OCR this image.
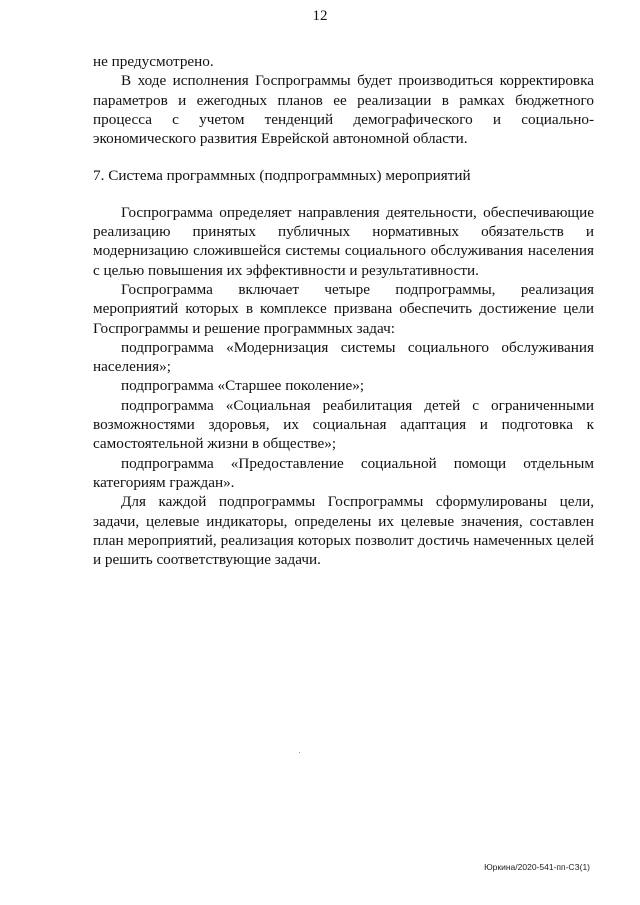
12

не предусмотрено.

В ходе исполнения Госпрограммы будет производиться корректировка параметров и ежегодных планов ее реализации в рамках бюджетного процесса с учетом тенденций демографического и социально-экономического развития Еврейской автономной области.

7. Система программных (подпрограммных) мероприятий

Госпрограмма определяет направления деятельности, обеспечивающие реализацию принятых публичных нормативных обязательств и модернизацию сложившейся системы социального обслуживания населения с целью повышения их эффективности и результативности.

Госпрограмма включает четыре подпрограммы, реализация мероприятий которых в комплексе призвана обеспечить достижение цели Госпрограммы и решение программных задач:

подпрограмма «Модернизация системы социального обслуживания населения»;

подпрограмма «Старшее поколение»;

подпрограмма «Социальная реабилитация детей с ограниченными возможностями здоровья, их социальная адаптация и подготовка к самостоятельной жизни в обществе»;

подпрограмма «Предоставление социальной помощи отдельным категориям граждан».

Для каждой подпрограммы Госпрограммы сформулированы цели, задачи, целевые индикаторы, определены их целевые значения, составлен план мероприятий, реализация которых позволит достичь намеченных целей и решить соответствующие задачи.

Юркина/2020-541-пп-СЗ(1)
